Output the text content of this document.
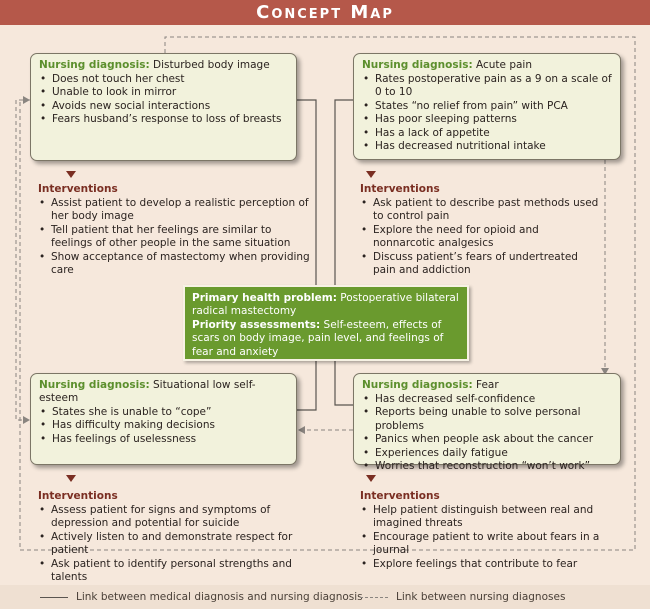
Concept Map
Nursing diagnosis: Disturbed body image
• Does not touch her chest
• Unable to look in mirror
• Avoids new social interactions
• Fears husband’s response to loss of breasts
Interventions
• Assist patient to develop a realistic perception of her body image
• Tell patient that her feelings are similar to feelings of other people in the same situation
• Show acceptance of mastectomy when providing care
Nursing diagnosis: Acute pain
• Rates postoperative pain as a 9 on a scale of 0 to 10
• States “no relief from pain” with PCA
• Has poor sleeping patterns
• Has a lack of appetite
• Has decreased nutritional intake
Interventions
• Ask patient to describe past methods used to control pain
• Explore the need for opioid and nonnarcotic analgesics
• Discuss patient’s fears of undertreated pain and addiction
Primary health problem: Postoperative bilateral radical mastectomy
Priority assessments: Self-esteem, effects of scars on body image, pain level, and feelings of fear and anxiety
Nursing diagnosis: Situational low self-esteem
• States she is unable to “cope”
• Has difficulty making decisions
• Has feelings of uselessness
Interventions
• Assess patient for signs and symptoms of depression and potential for suicide
• Actively listen to and demonstrate respect for patient
• Ask patient to identify personal strengths and talents
Nursing diagnosis: Fear
• Has decreased self-confidence
• Reports being unable to solve personal problems
• Panics when people ask about the cancer
• Experiences daily fatigue
• Worries that reconstruction “won’t work”
Interventions
• Help patient distinguish between real and imagined threats
• Encourage patient to write about fears in a journal
• Explore feelings that contribute to fear
Link between medical diagnosis and nursing diagnosis	Link between nursing diagnoses
